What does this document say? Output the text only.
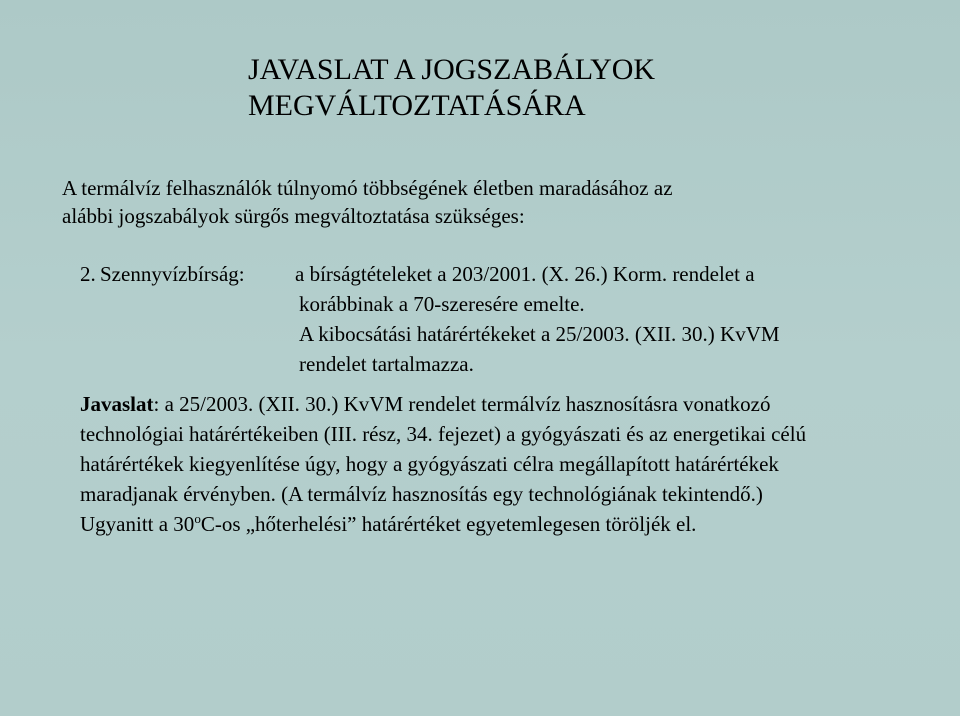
JAVASLAT A JOGSZABÁLYOK
MEGVÁLTOZTATÁSÁRA

A termálvíz felhasználók túlnyomó többségének életben maradásához az
alábbi jogszabályok sürgős megváltoztatása szükséges:

2. Szennyvízbírság: a bírságtételeket a 203/2001. (X. 26.) Korm. rendelet a
korábbinak a 70-szeresére emelte.
A kibocsátási határértékeket a 25/2003. (XII. 30.) KvVM
rendelet tartalmazza.

Javaslat: a 25/2003. (XII. 30.) KvVM rendelet termálvíz hasznosításra vonatkozó
technológiai határértékeiben (III. rész, 34. fejezet) a gyógyászati és az energetikai célú
határértékek kiegyenlítése úgy, hogy a gyógyászati célra megállapított határértékek
maradjanak érvényben. (A termálvíz hasznosítás egy technológiának tekintendő.)
Ugyanitt a 30$^o$C-os „hőterhelési” határértéket egyetemlegesen töröljék el.
